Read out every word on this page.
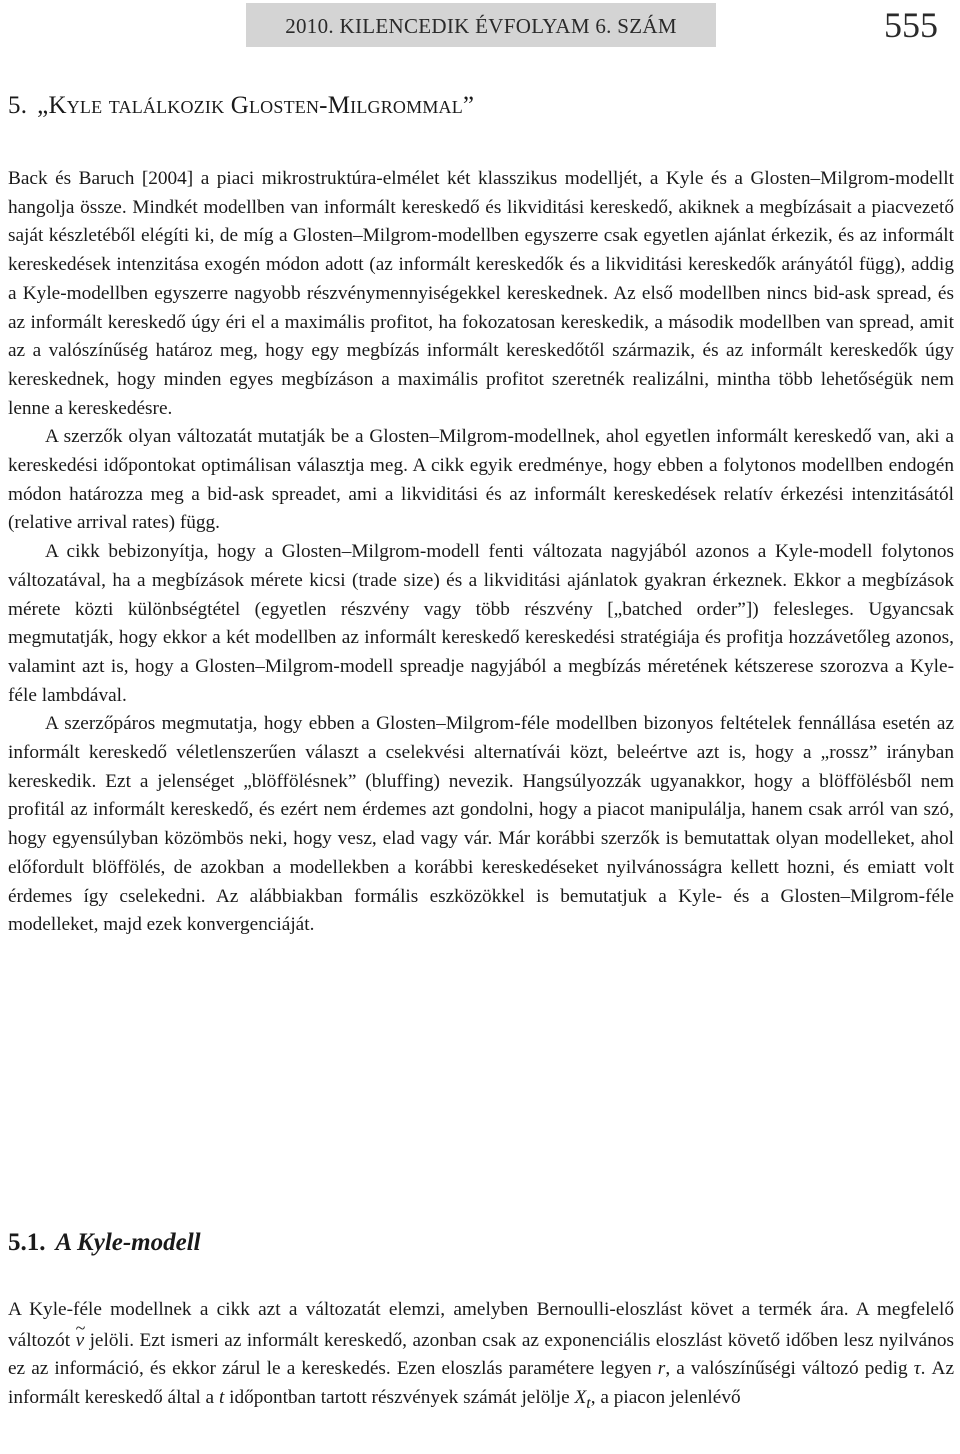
2010. KILENCEDIK ÉVFOLYAM 6. SZÁM	555
5. „Kyle találkozik Glosten-Milgrommal”

Back és Baruch [2004] a piaci mikrostruktúra-elmélet két klasszikus modelljét, a Kyle és a Glosten–Milgrom-modellt hangolja össze. Mindkét modellben van informált kereskedő és likviditási kereskedő, akiknek a megbízásait a piacvezető saját készletéből elégíti ki, de míg a Glosten–Milgrom-modellben egyszerre csak egyetlen ajánlat érkezik, és az informált kereskedések intenzitása exogén módon adott (az informált kereskedők és a likviditási kereskedők arányától függ), addig a Kyle-modellben egyszerre nagyobb részvénymennyiségekkel kereskednek. Az első modellben nincs bid-ask spread, és az informált kereskedő úgy éri el a maximális profitot, ha fokozatosan kereskedik, a második modellben van spread, amit az a valószínűség határoz meg, hogy egy megbízás informált kereskedőtől származik, és az informált kereskedők úgy kereskednek, hogy minden egyes megbízáson a maximális profitot szeretnék realizálni, mintha több lehetőségük nem lenne a kereskedésre.

A szerzők olyan változatát mutatják be a Glosten–Milgrom-modellnek, ahol egyetlen informált kereskedő van, aki a kereskedési időpontokat optimálisan választja meg. A cikk egyik eredménye, hogy ebben a folytonos modellben endogén módon határozza meg a bid-ask spreadet, ami a likviditási és az informált kereskedések relatív érkezési intenzitásától (relative arrival rates) függ.

A cikk bebizonyítja, hogy a Glosten–Milgrom-modell fenti változata nagyjából azonos a Kyle-modell folytonos változatával, ha a megbízások mérete kicsi (trade size) és a likviditási ajánlatok gyakran érkeznek. Ekkor a megbízások mérete közti különbségtétel (egyetlen részvény vagy több részvény [„batched order”]) felesleges. Ugyancsak megmutatják, hogy ekkor a két modellben az informált kereskedő kereskedési stratégiája és profitja hozzávetőleg azonos, valamint azt is, hogy a Glosten–Milgrom-modell spreadje nagyjából a megbízás méretének kétszerese szorozva a Kyle-féle lambdával.

A szerzőpáros megmutatja, hogy ebben a Glosten–Milgrom-féle modellben bizonyos feltételek fennállása esetén az informált kereskedő véletlenszerűen választ a cselekvési alternatívái közt, beleértve azt is, hogy a „rossz” irányban kereskedik. Ezt a jelenséget „blöffölésnek” (bluffing) nevezik. Hangsúlyozzák ugyanakkor, hogy a blöffölésből nem profitál az informált kereskedő, és ezért nem érdemes azt gondolni, hogy a piacot manipulálja, hanem csak arról van szó, hogy egyensúlyban közömbös neki, hogy vesz, elad vagy vár. Már korábbi szerzők is bemutattak olyan modelleket, ahol előfordult blöffölés, de azokban a modellekben a korábbi kereskedéseket nyilvánosságra kellett hozni, és emiatt volt érdemes így cselekedni. Az alábbiakban formális eszközökkel is bemutatjuk a Kyle- és a Glosten–Milgrom-féle modelleket, majd ezek konvergenciáját.

5.1. A Kyle-modell

A Kyle-féle modellnek a cikk azt a változatát elemzi, amelyben Bernoulli-eloszlást követ a termék ára. A megfelelő változót ~ ν jelöli. Ezt ismeri az informált kereskedő, azonban csak az exponenciális eloszlást követő időben lesz nyilvános ez az információ, és ekkor zárul le a kereskedés. Ezen eloszlás paramétere legyen r, a valószínűségi változó pedig τ. Az informált kereskedő által a t időpontban tartott részvények számát jelölje $X_t$, a piacon jelenlévő
